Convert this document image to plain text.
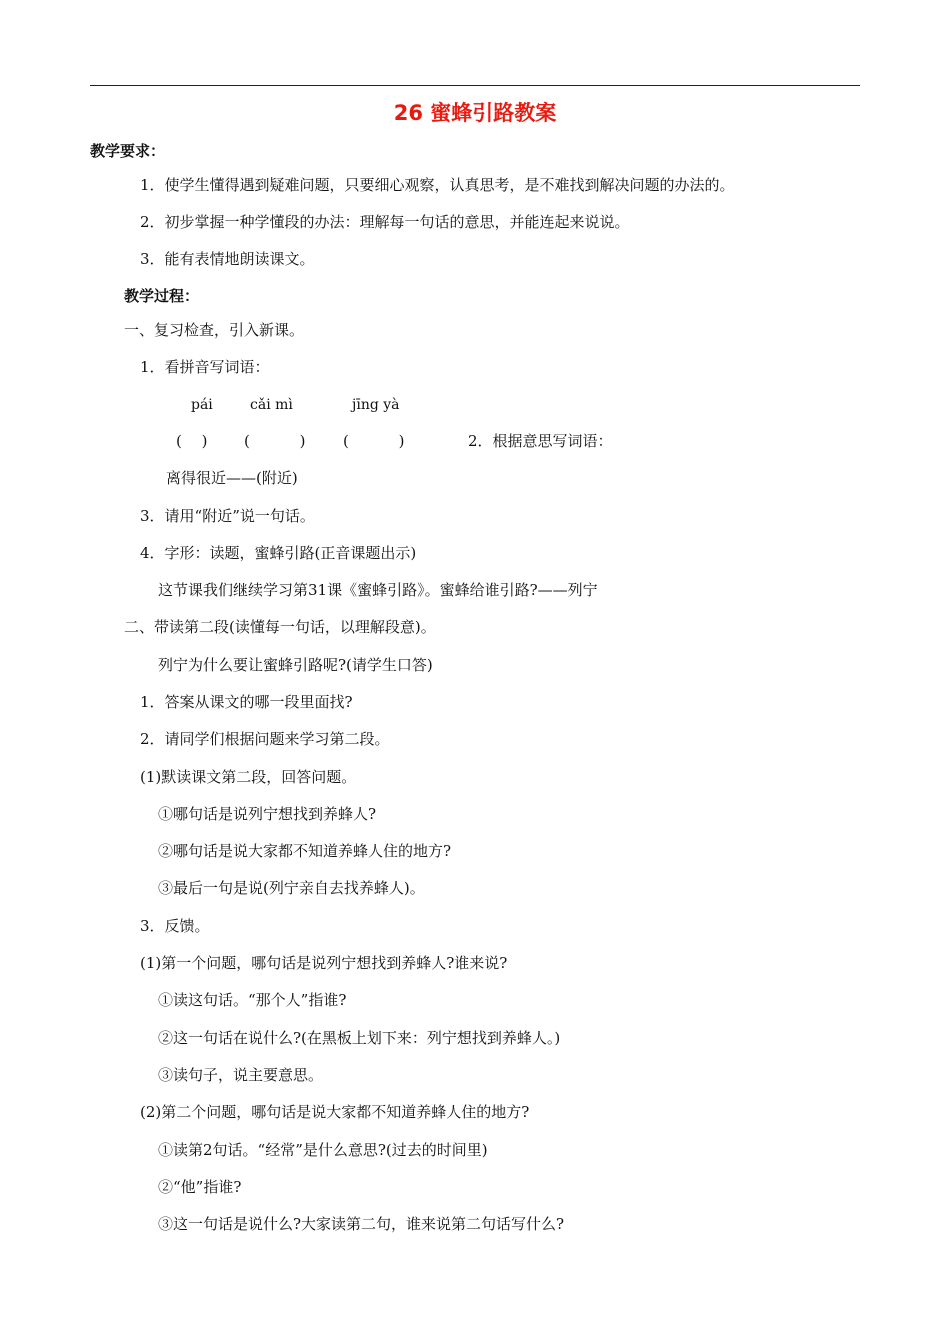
26 蜜蜂引路教案
教学要求：
1．使学生懂得遇到疑难问题，只要细心观察，认真思考，是不难找到解决问题的办法的。
2．初步掌握一种学懂段的办法：理解每一句话的意思，并能连起来说说。
3．能有表情地朗读课文。
教学过程：
一、复习检查，引入新课。
1．看拼音写词语：
pái	cǎi mì	jīng yà
(　 ) (　　　 )	(　　　 )	2．根据意思写词语：
离得很近——(附近)
3．请用“附近”说一句话。
4．字形：读题，蜜蜂引路(正音课题出示)
这节课我们继续学习第31课《蜜蜂引路》。蜜蜂给谁引路?——列宁
二、带读第二段(读懂每一句话，以理解段意)。
列宁为什么要让蜜蜂引路呢?(请学生口答)
1．答案从课文的哪一段里面找?
2．请同学们根据问题来学习第二段。
(1)默读课文第二段，回答问题。
①哪句话是说列宁想找到养蜂人?
②哪句话是说大家都不知道养蜂人住的地方?
③最后一句是说(列宁亲自去找养蜂人)。
3．反馈。
(1)第一个问题，哪句话是说列宁想找到养蜂人?谁来说?
①读这句话。“那个人”指谁?
②这一句话在说什么?(在黑板上划下来：列宁想找到养蜂人。)
③读句子，说主要意思。
(2)第二个问题，哪句话是说大家都不知道养蜂人住的地方?
①读第2句话。“经常”是什么意思?(过去的时间里)
②“他”指谁?
③这一句话是说什么?大家读第二句，谁来说第二句话写什么?
